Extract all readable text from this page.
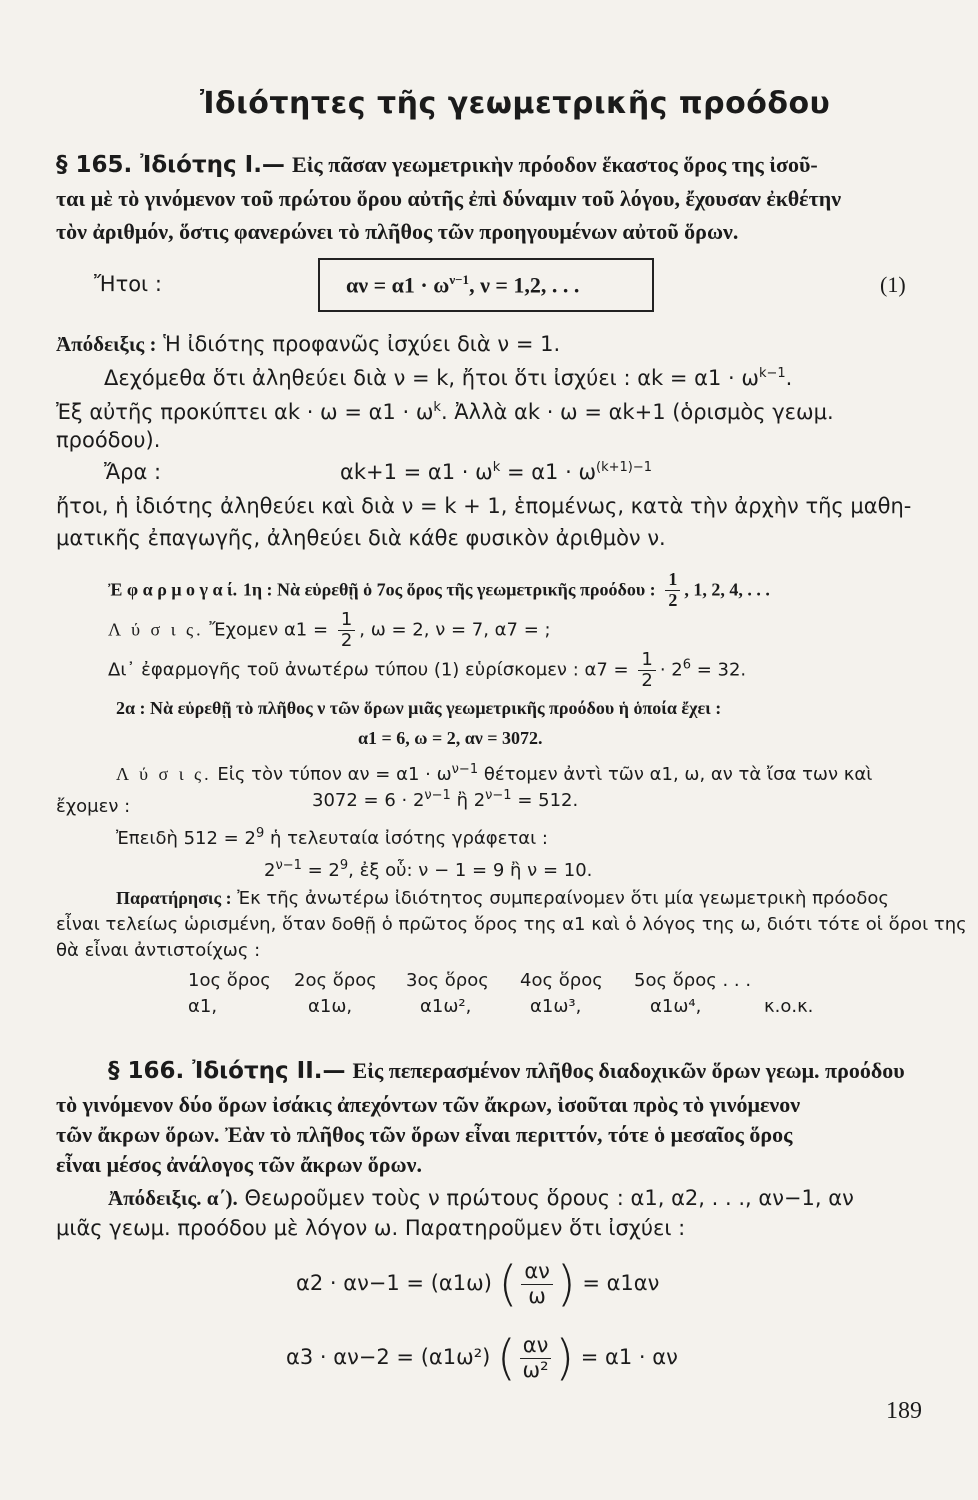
Ἰδιότητες τῆς γεωμετρικῆς προόδου
§ 165. Ἰδιότης Ι.— Εἰς πᾶσαν γεωμετρικὴν πρόοδον ἕκαστος ὅρος της ἰσοῦ-
ται μὲ τὸ γινόμενον τοῦ πρώτου ὅρου αὐτῆς ἐπὶ δύναμιν τοῦ λόγου, ἔχουσαν ἐκθέτην
τὸν ἀριθμόν, ὅστις φανερώνει τὸ πλῆθος τῶν προηγουμένων αὐτοῦ ὅρων.
Ἤτοι :	$\alpha\nu = \alpha 1 \cdot \omega^{\nu-1}$, ν = 1,2, . . .	(1)
Ἀπόδειξις : Ἡ ἰδιότης προφανῶς ἰσχύει διὰ ν = 1.
Δεχόμεθα ὅτι ἀληθεύει διὰ ν = k, ἤτοι ὅτι ἰσχύει : $\alpha k = \alpha 1 \cdot \omega^{k-1}$.
Ἐξ αὐτῆς προκύπτει $\alpha k \cdot \omega = \alpha 1 \cdot \omega^k$. Ἀλλὰ αk · ω = αk+1 (ὁρισμὸς γεωμ.
προόδου).
Ἄρα :	$\alpha k+1 = \alpha 1 \cdot \omega^k = \alpha 1 \cdot \omega^{(k+1)-1}$
ἤτοι, ἡ ἰδιότης ἀληθεύει καὶ διὰ ν = k + 1, ἑπομένως, κατὰ τὴν ἀρχὴν τῆς μαθη-
ματικῆς ἐπαγωγῆς, ἀληθεύει διὰ κάθε φυσικὸν ἀριθμὸν ν.
Ἐ φ α ρ μ ο γ α ί. 1η : Νὰ εὑρεθῇ ὁ 7ος ὅρος τῆς γεωμετρικῆς προόδου : $\frac{1}{2}$ , 1, 2, 4, . . .
Λ ύ σ ι ς. Ἔχομεν $\alpha 1 = \frac{1}{2}$ , ω = 2, ν = 7, α7 = ;
Δι᾿ ἐφαρμογῆς τοῦ ἀνωτέρω τύπου (1) εὑρίσκομεν : $\alpha 7 = \frac{1}{2} \cdot 2^6 = 32$.
2α : Νὰ εὑρεθῇ τὸ πλῆθος ν τῶν ὅρων μιᾶς γεωμετρικῆς προόδου ἡ ὁποία ἔχει :
α1 = 6, ω = 2, αν = 3072.
Λ ύ σ ι ς. Εἰς τὸν τύπον $\alpha\nu = \alpha 1 \cdot \omega^{\nu-1}$ θέτομεν ἀντὶ τῶν α1, ω, αν τὰ ἴσα των καὶ
ἔχομεν :	$3072 = 6 \cdot 2^{\nu-1}$ ἢ $2^{\nu-1} = 512$.
Ἐπειδὴ $512 = 2^9$ ἡ τελευταία ἰσότης γράφεται :
$2^{\nu-1} = 2^9$, ἐξ οὗ: ν − 1 = 9 ἢ ν = 10.
Παρατήρησις : Ἐκ τῆς ἀνωτέρω ἰδιότητος συμπεραίνομεν ὅτι μία γεωμετρικὴ πρόοδος
εἶναι τελείως ὡρισμένη, ὅταν δοθῇ ὁ πρῶτος ὅρος της α1 καὶ ὁ λόγος της ω, διότι τότε οἱ ὅροι της
θὰ εἶναι ἀντιστοίχως :
1ος ὅρος 2ος ὅρος 3ος ὅρος 4ος ὅρος 5ος ὅρος . . .
α1,	α1ω,	α1ω²,	α1ω³,	α1ω⁴,	κ.ο.κ.
§ 166. Ἰδιότης ΙΙ.— Εἰς πεπερασμένον πλῆθος διαδοχικῶν ὅρων γεωμ. προόδου
τὸ γινόμενον δύο ὅρων ἰσάκις ἀπεχόντων τῶν ἄκρων, ἰσοῦται πρὸς τὸ γινόμενον
τῶν ἄκρων ὅρων. Ἐὰν τὸ πλῆθος τῶν ὅρων εἶναι περιττόν, τότε ὁ μεσαῖος ὅρος
εἶναι μέσος ἀνάλογος τῶν ἄκρων ὅρων.
Ἀπόδειξις. α΄). Θεωροῦμεν τοὺς ν πρώτους ὅρους : α1, α2, . . ., αν−1, αν
μιᾶς γεωμ. προόδου μὲ λόγον ω. Παρατηροῦμεν ὅτι ἰσχύει :
α2 · αν−1 = (α1ω) ( $\frac{\alpha\nu}{\omega}$ ) = α1αν
α3 · αν−2 = (α1ω²) ( $\frac{\alpha\nu}{\text{ω²}}$ ) = α1 · αν
189
